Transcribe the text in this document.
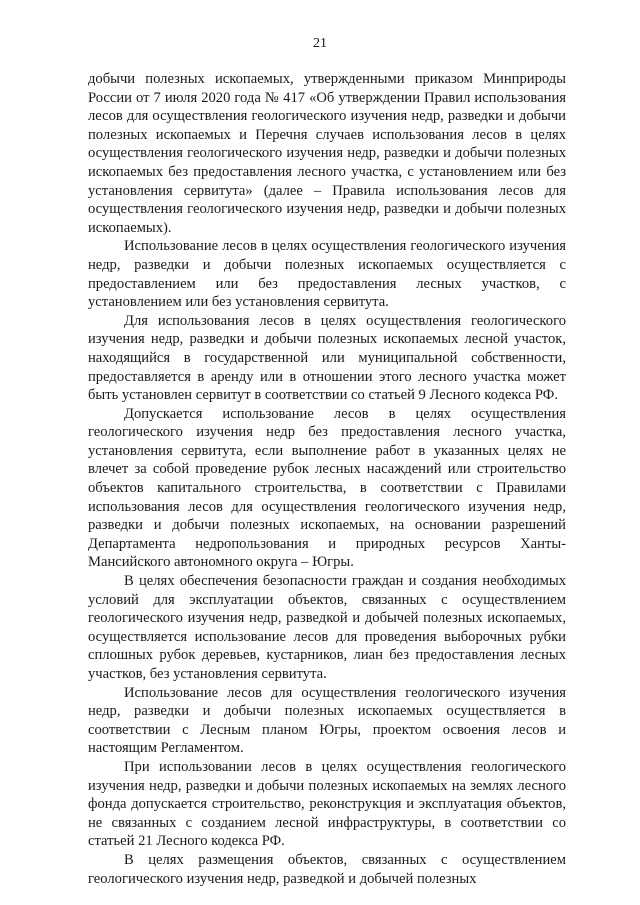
21

добычи полезных ископаемых, утвержденными приказом Минприроды России от 7 июля 2020 года № 417 «Об утверждении Правил использования лесов для осуществления геологического изучения недр, разведки и добычи полезных ископаемых и Перечня случаев использования лесов в целях осуществления геологического изучения недр, разведки и добычи полезных ископаемых без предоставления лесного участка, с установлением или без установления сервитута» (далее – Правила использования лесов для осуществления геологического изучения недр, разведки и добычи полезных ископаемых).

Использование лесов в целях осуществления геологического изучения недр, разведки и добычи полезных ископаемых осуществляется с предоставлением или без предоставления лесных участков, с установлением или без установления сервитута.

Для использования лесов в целях осуществления геологического изучения недр, разведки и добычи полезных ископаемых лесной участок, находящийся в государственной или муниципальной собственности, предоставляется в аренду или в отношении этого лесного участка может быть установлен сервитут в соответствии со статьей 9 Лесного кодекса РФ.

Допускается использование лесов в целях осуществления геологического изучения недр без предоставления лесного участка, установления сервитута, если выполнение работ в указанных целях не влечет за собой проведение рубок лесных насаждений или строительство объектов капитального строительства, в соответствии с Правилами использования лесов для осуществления геологического изучения недр, разведки и добычи полезных ископаемых, на основании разрешений Департамента недропользования и природных ресурсов Ханты-Мансийского автономного округа – Югры.

В целях обеспечения безопасности граждан и создания необходимых условий для эксплуатации объектов, связанных с осуществлением геологического изучения недр, разведкой и добычей полезных ископаемых, осуществляется использование лесов для проведения выборочных рубки сплошных рубок деревьев, кустарников, лиан без предоставления лесных участков, без установления сервитута.

Использование лесов для осуществления геологического изучения недр, разведки и добычи полезных ископаемых осуществляется в соответствии с Лесным планом Югры, проектом освоения лесов и настоящим Регламентом.

При использовании лесов в целях осуществления геологического изучения недр, разведки и добычи полезных ископаемых на землях лесного фонда допускается строительство, реконструкция и эксплуатация объектов, не связанных с созданием лесной инфраструктуры, в соответствии со статьей 21 Лесного кодекса РФ.

В целях размещения объектов, связанных с осуществлением геологического изучения недр, разведкой и добычей полезных
